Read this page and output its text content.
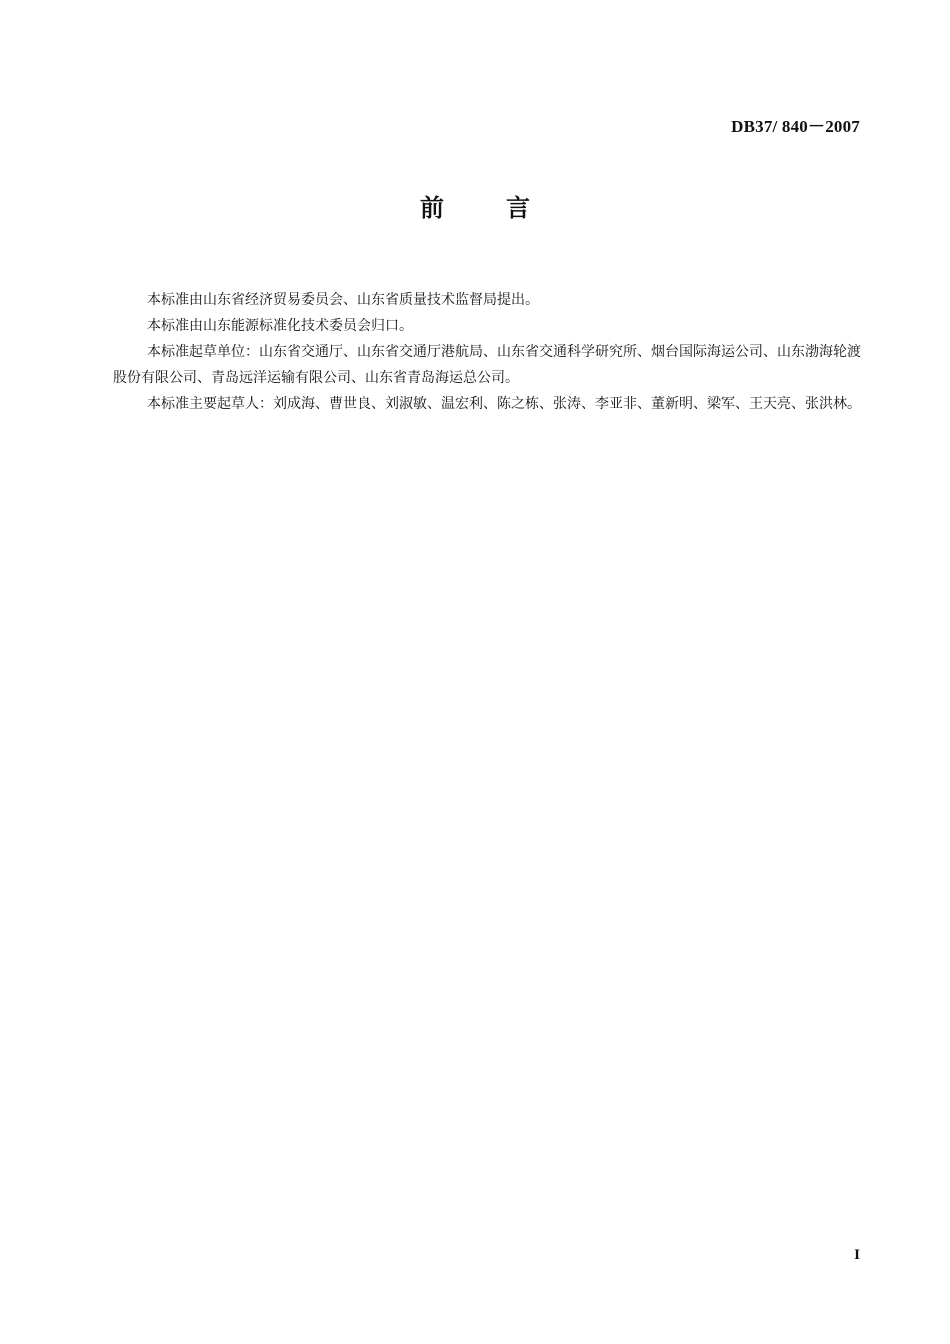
DB37/ 840－2007
前言

本标准由山东省经济贸易委员会、山东省质量技术监督局提出。

本标准由山东能源标准化技术委员会归口。

本标准起草单位：山东省交通厅、山东省交通厅港航局、山东省交通科学研究所、烟台国际海运公司、山东渤海轮渡股份有限公司、青岛远洋运输有限公司、山东省青岛海运总公司。

本标准主要起草人：刘成海、曹世良、刘淑敏、温宏利、陈之栋、张涛、李亚非、董新明、梁军、王天亮、张洪林。

I
